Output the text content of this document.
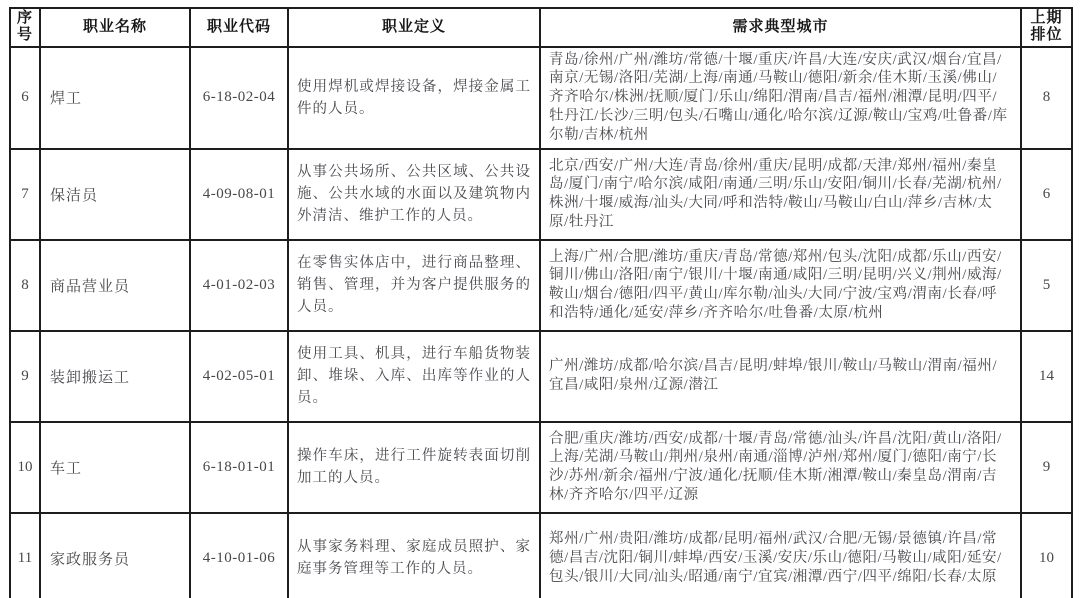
序号	职业名称	职业代码	职业定义	需求典型城市	上期排位
6	焊工	6-18-02-04	使用焊机或焊接设备，焊接金属工件的人员。	青岛/徐州/广州/潍坊/常德/十堰/重庆/许昌/大连/安庆/武汉/烟台/宜昌/南京/无锡/洛阳/芜湖/上海/南通/马鞍山/德阳/新余/佳木斯/玉溪/佛山/齐齐哈尔/株洲/抚顺/厦门/乐山/绵阳/渭南/昌吉/福州/湘潭/昆明/四平/牡丹江/长沙/三明/包头/石嘴山/通化/哈尔滨/辽源/鞍山/宝鸡/吐鲁番/库尔勒/吉林/杭州	8
7	保洁员	4-09-08-01	从事公共场所、公共区域、公共设施、公共水域的水面以及建筑物内外清洁、维护工作的人员。	北京/西安/广州/大连/青岛/徐州/重庆/昆明/成都/天津/郑州/福州/秦皇岛/厦门/南宁/哈尔滨/咸阳/南通/三明/乐山/安阳/铜川/长春/芜湖/杭州/株洲/十堰/威海/汕头/大同/呼和浩特/鞍山/马鞍山/白山/萍乡/吉林/太原/牡丹江	6
8	商品营业员	4-01-02-03	在零售实体店中，进行商品整理、销售、管理，并为客户提供服务的人员。	上海/广州/合肥/潍坊/重庆/青岛/常德/郑州/包头/沈阳/成都/乐山/西安/铜川/佛山/洛阳/南宁/银川/十堰/南通/咸阳/三明/昆明/兴义/荆州/威海/鞍山/烟台/德阳/四平/黄山/库尔勒/汕头/大同/宁波/宝鸡/渭南/长春/呼和浩特/通化/延安/萍乡/齐齐哈尔/吐鲁番/太原/杭州	5
9	装卸搬运工	4-02-05-01	使用工具、机具，进行车船货物装卸、堆垛、入库、出库等作业的人员。	广州/潍坊/成都/哈尔滨/昌吉/昆明/蚌埠/银川/鞍山/马鞍山/渭南/福州/宜昌/咸阳/泉州/辽源/潜江	14
10	车工	6-18-01-01	操作车床，进行工件旋转表面切削加工的人员。	合肥/重庆/潍坊/西安/成都/十堰/青岛/常德/汕头/许昌/沈阳/黄山/洛阳/上海/芜湖/马鞍山/荆州/泉州/南通/淄博/泸州/郑州/厦门/德阳/南宁/长沙/苏州/新余/福州/宁波/通化/抚顺/佳木斯/湘潭/鞍山/秦皇岛/渭南/吉林/齐齐哈尔/四平/辽源	9
11	家政服务员	4-10-01-06	从事家务料理、家庭成员照护、家庭事务管理等工作的人员。	郑州/广州/贵阳/潍坊/成都/昆明/福州/武汉/合肥/无锡/景德镇/许昌/常德/昌吉/沈阳/铜川/蚌埠/西安/玉溪/安庆/乐山/德阳/马鞍山/咸阳/延安/包头/银川/大同/汕头/昭通/南宁/宜宾/湘潭/西宁/四平/绵阳/长春/太原	10
